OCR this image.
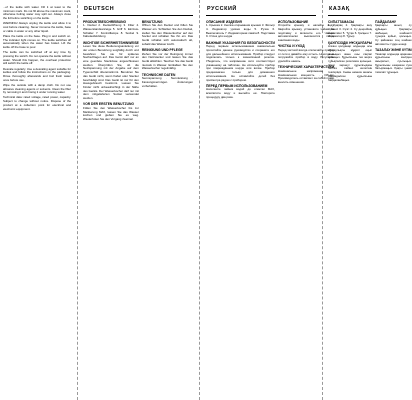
...of the kettle with water. Fill it at least to the minimum mark. Do not fill above the maximum mark, otherwise boiling water may spill out. Always close the lid before switching on the kettle.
WARNING! Always unplug the kettle and allow it to cool before cleaning. Never immerse the kettle, base or cable in water or any other liquid.
Place the kettle on the base. Plug in and switch on. The indicator light comes on. The kettle switches off automatically when the water has boiled. Lift the kettle off the base to pour.
The kettle can be switched off at any time by pressing the switch. Do not operate the kettle without water. Should this happen, the overheat protection will switch the kettle off.
Descale regularly. Use a descaling agent suitable for kettles and follow the instructions on the packaging. Rinse thoroughly afterwards and boil fresh water once before use.
Wipe the outside with a damp cloth. Do not use abrasive cleaning agents or solvents. Clean the filter by removing it and rinsing it under running water.
Technical data: rated voltage, rated power, capacity. Subject to change without notice. Dispose of the product at a collection point for electrical and electronic equipment.
DEUTSCH
PRODUKTBESCHREIBUNG
1. Deckel 2. Deckelöffnung 3. Filter 4. Wasserstandsanzeige 5. Griff 6. Ein/Aus-Schalter 7. Kontrolllampe 8. Sockel 9. Kabelaufwicklung
WICHTIGE SICHERHEITSHINWEISE
Lesen Sie diese Bedienungsanleitung vor der ersten Benutzung sorgfältig durch und bewahren Sie sie für späteres Nachschlagen auf. Das Gerät darf nur an eine geerdete Steckdose angeschlossen werden. Überprüfen Sie, ob die Netzspannung mit der Angabe auf dem Typenschild übereinstimmt. Benutzen Sie das Gerät nicht, wenn Kabel oder Stecker beschädigt sind. Das Gerät ist nur für den Hausgebrauch bestimmt. Lassen Sie Kinder nicht unbeaufsichtigt in der Nähe des Geräts. Der Wasserkocher darf nur mit dem mitgelieferten Sockel verwendet werden.
VOR DER ERSTEN BENUTZUNG
Füllen Sie den Wasserkocher bis zur Markierung MAX, lassen Sie das Wasser kochen und gießen Sie es weg. Wiederholen Sie den Vorgang zweimal.
BENUTZUNG
Öffnen Sie den Deckel und füllen Sie Wasser ein. Schließen Sie den Deckel, stellen Sie den Wasserkocher auf den Sockel und schalten Sie ihn ein. Das Gerät schaltet sich automatisch ab, sobald das Wasser kocht.
REINIGUNG UND PFLEGE
Ziehen Sie vor der Reinigung immer den Netzstecker und lassen Sie das Gerät abkühlen. Tauchen Sie das Gerät niemals in Wasser. Entkalken Sie den Wasserkocher regelmäßig.
TECHNISCHE DATEN
Nennspannung · Nennleistung · Fassungsvermögen. Änderungen vorbehalten.
РУССКИЙ
ОПИСАНИЕ ИЗДЕЛИЯ
1. Крышка 2. Кнопка открывания крышки 3. Фильтр 4. Индикатор уровня воды 5. Ручка 6. Выключатель 7. Индикаторная лампа 8. Подставка 9. Отсек для шнура
ВАЖНЫЕ УКАЗАНИЯ ПО БЕЗОПАСНОСТИ
Перед первым использованием внимательно прочитайте данное руководство и сохраните его для дальнейшего использования. Прибор следует подключать только к заземлённой розетке. Убедитесь, что напряжение сети соответствует указанному на табличке. Не используйте прибор при повреждённом шнуре или вилке. Прибор предназначен только для домашнего использования. Не оставляйте детей без присмотра рядом с прибором.
ПЕРЕД ПЕРВЫМ ИСПОЛЬЗОВАНИЕМ
Наполните чайник водой до отметки MAX, вскипятите воду и вылейте её. Повторите процедуру два раза.
ИСПОЛЬЗОВАНИЕ
Откройте крышку и налейте воду. Закройте крышку, установите чайник на подставку и включите его. Чайник автоматически выключится после закипания воды.
ЧИСТКА И УХОД
Перед чисткой всегда отключайте прибор от сети и давайте ему остыть. Никогда не погружайте прибор в воду. Регулярно удаляйте накипь.
ТЕХНИЧЕСКИЕ ХАРАКТЕРИСТИКИ
Номинальное напряжение · Номинальная мощность · Объём. Производитель оставляет за собой право вносить изменения.
КАЗАҚ
СИПАТТАМАСЫ
1. Қақпақ 2. Қақпақты ашу түймесі 3. Сүзгі 4. Су деңгейінің көрсеткіші 5. Тұтқа 6. Қосқыш 7. Индикатор 8. Тұғыр
ҚАУІПСІЗДІК НҰСҚАУЛАРЫ
Алғаш қолданар алдында осы нұсқаулықты мұқият оқып шығыңыз және оны сақтап қойыңыз. Құрылғыны тек жерге тұйықталған розеткаға қосыңыз. Желі кернеуі құрылғыдағы белгіге сәйкес келетінін тексеріңіз. Сымы немесе ашасы зақымдалған құрылғыны пайдаланбаңыз.
ПАЙДАЛАНУ
Қақпақты ашып, су құйыңыз. Қақпақты жабыңыз, шәйнекті тұғырға қойып, қосыңыз. Су қайнаған соң шәйнек автоматты түрде өшеді.
ТАЗАЛАУ ЖӘНЕ КҮТІМ
Тазалар алдында әрқашан құрылғыны желіден ажыратып, суытыңыз. Құрылғыны ешқашан суға батырмаңыз. Қақты үнемі тазалап тұрыңыз.
